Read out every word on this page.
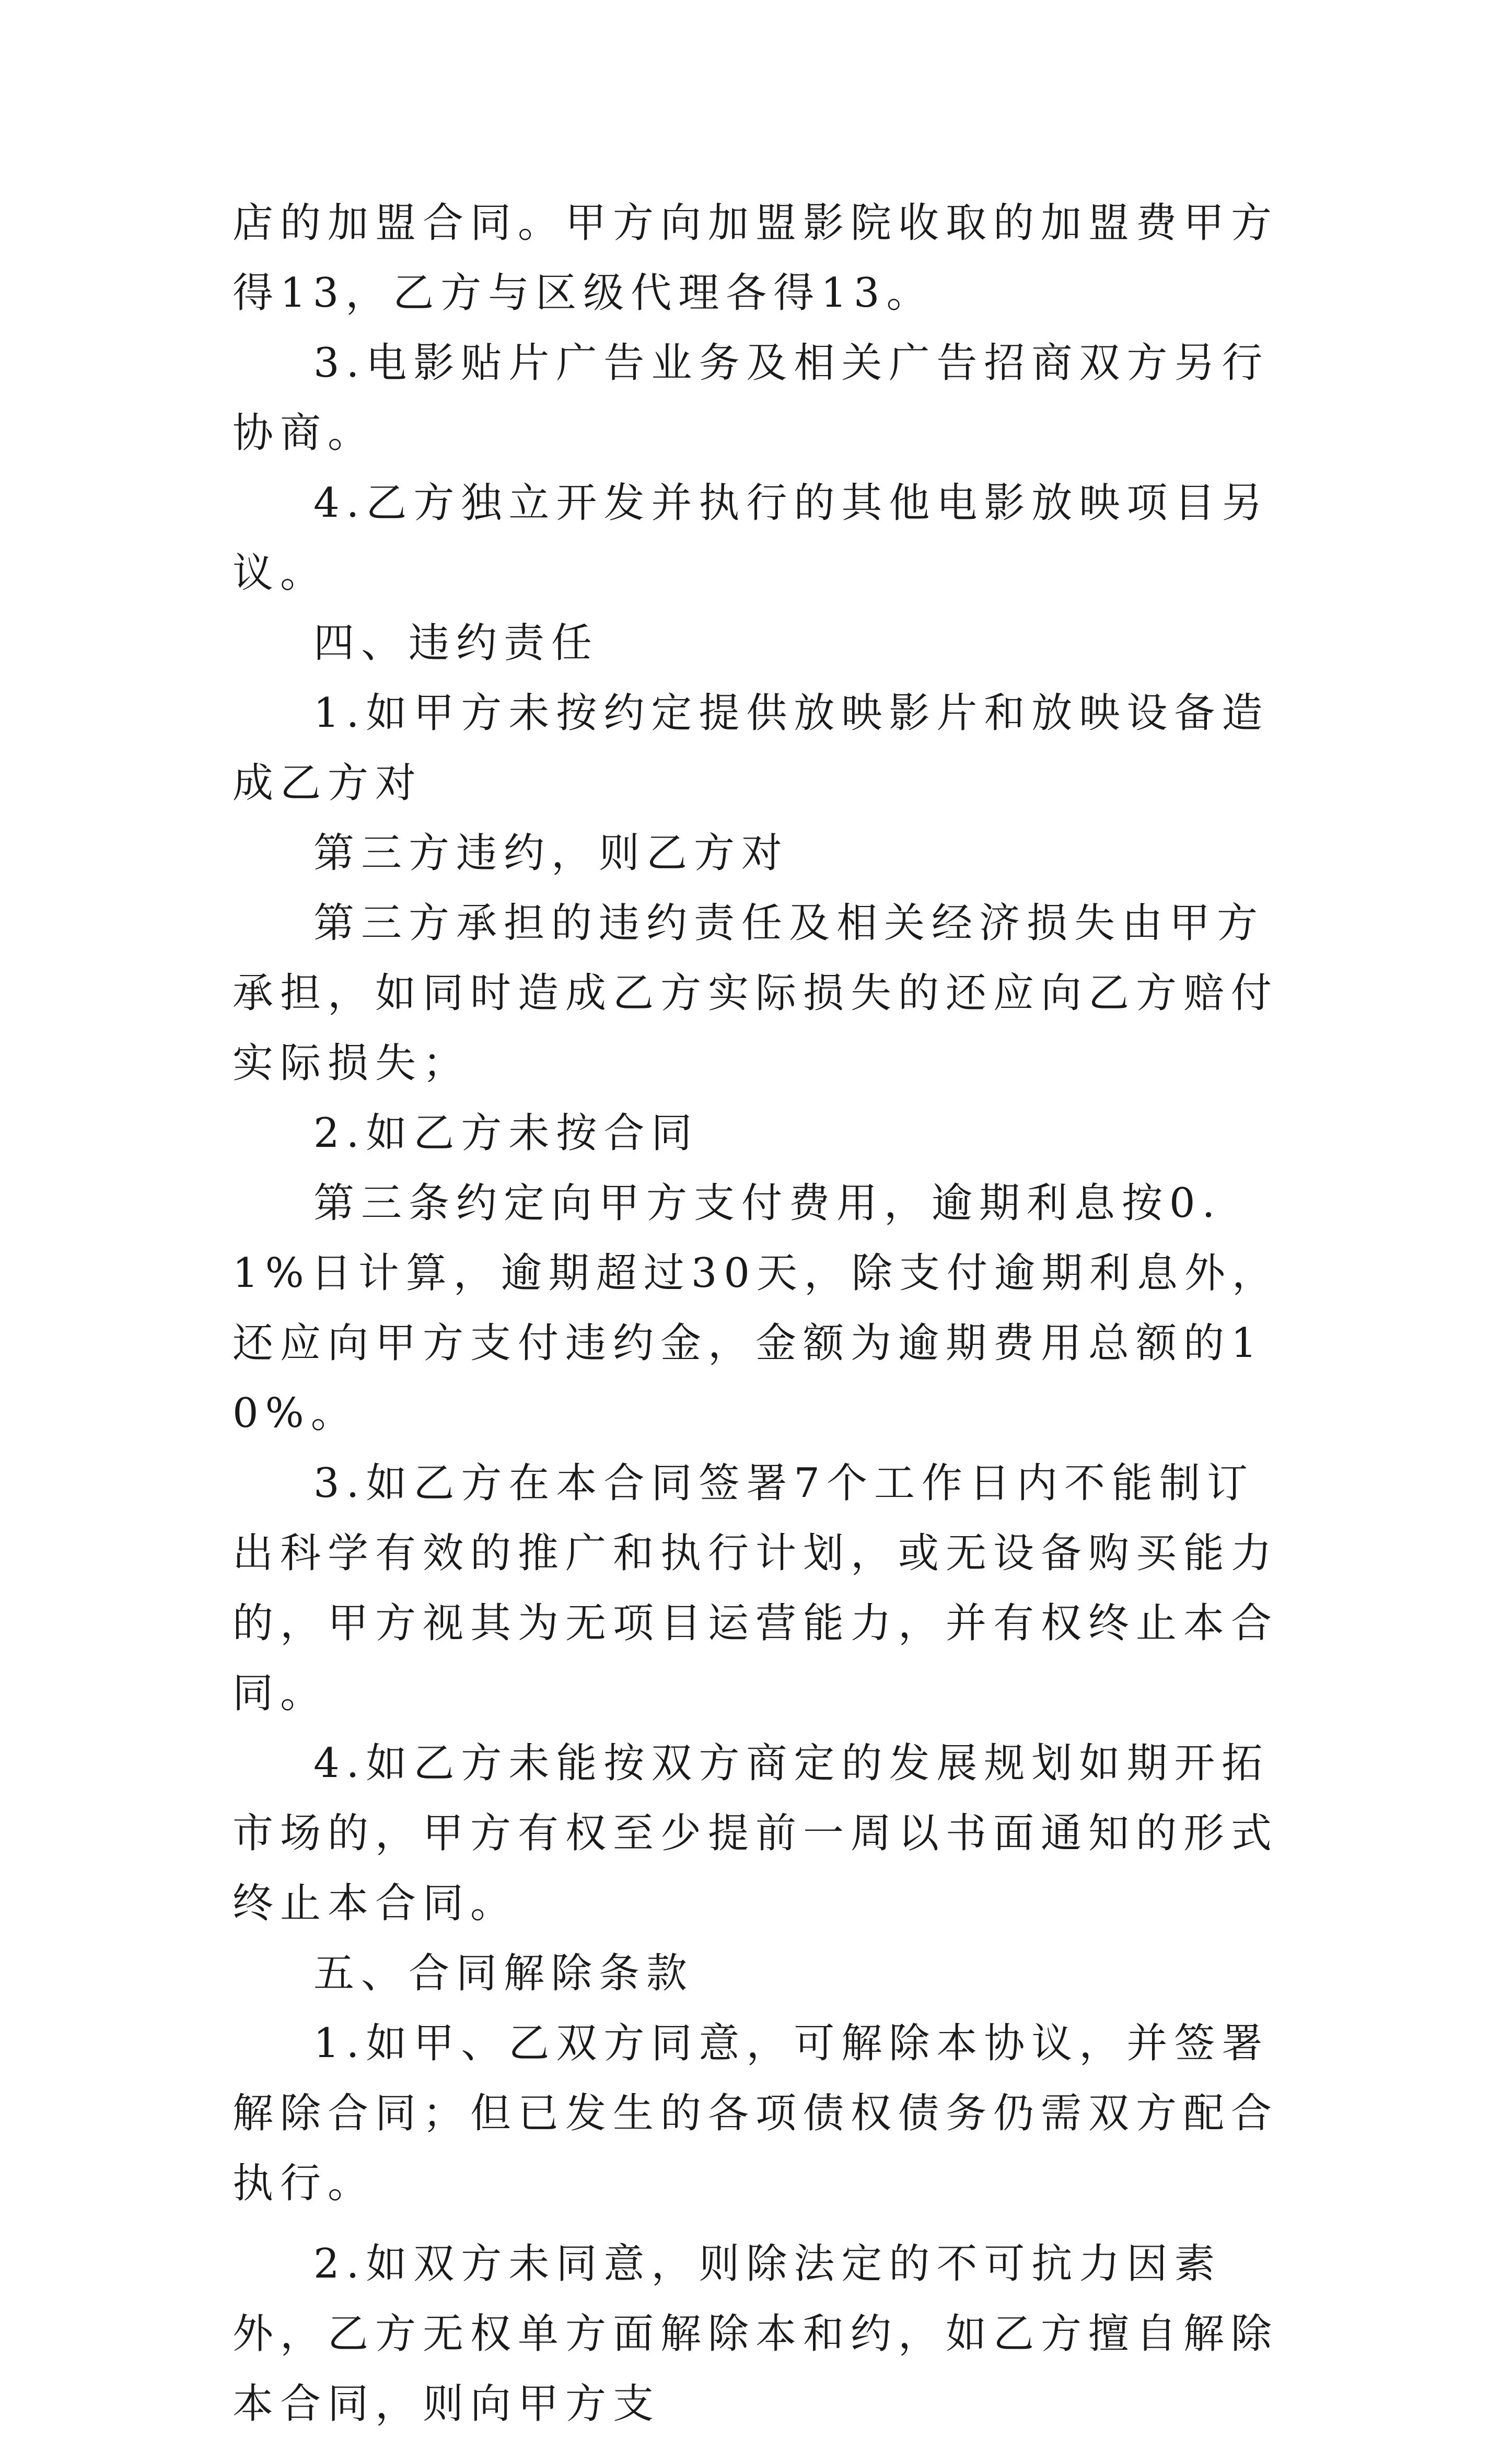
店的加盟合同。甲方向加盟影院收取的加盟费甲方得13，乙方与区级代理各得13。

3.电影贴片广告业务及相关广告招商双方另行协商。

4.乙方独立开发并执行的其他电影放映项目另议。

四、违约责任

1.如甲方未按约定提供放映影片和放映设备造成乙方对

第三方违约，则乙方对

第三方承担的违约责任及相关经济损失由甲方承担，如同时造成乙方实际损失的还应向乙方赔付实际损失；

2.如乙方未按合同

第三条约定向甲方支付费用，逾期利息按0.1%日计算，逾期超过30天，除支付逾期利息外，还应向甲方支付违约金，金额为逾期费用总额的10%。

3.如乙方在本合同签署7个工作日内不能制订出科学有效的推广和执行计划，或无设备购买能力的，甲方视其为无项目运营能力，并有权终止本合同。

4.如乙方未能按双方商定的发展规划如期开拓市场的，甲方有权至少提前一周以书面通知的形式终止本合同。

五、合同解除条款

1.如甲、乙双方同意，可解除本协议，并签署解除合同；但已发生的各项债权债务仍需双方配合执行。

2.如双方未同意，则除法定的不可抗力因素外，乙方无权单方面解除本和约，如乙方擅自解除本合同，则向甲方支
